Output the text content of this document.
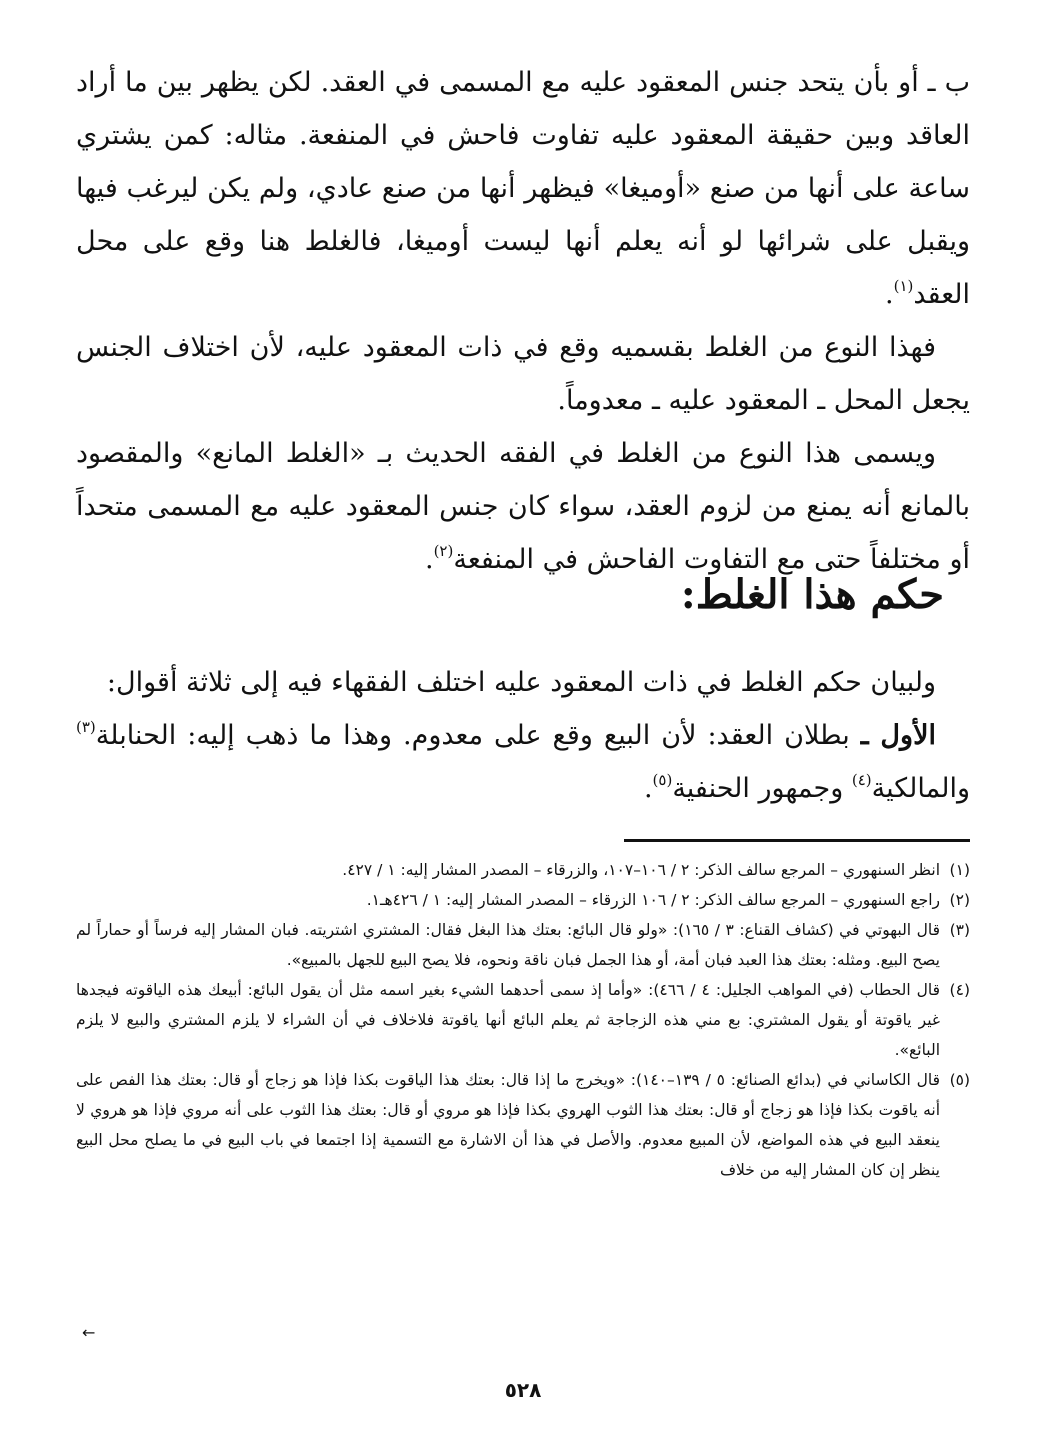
ب ـ أو بأن يتحد جنس المعقود عليه مع المسمى في العقد. لكن يظهر بين ما أراد العاقد وبين حقيقة المعقود عليه تفاوت فاحش في المنفعة. مثاله: كمن يشتري ساعة على أنها من صنع «أوميغا» فيظهر أنها من صنع عادي، ولم يكن ليرغب فيها ويقبل على شرائها لو أنه يعلم أنها ليست أوميغا، فالغلط هنا وقع على محل العقد$^{(١)}$.

فهذا النوع من الغلط بقسميه وقع في ذات المعقود عليه، لأن اختلاف الجنس يجعل المحل ـ المعقود عليه ـ معدوماً.

ويسمى هذا النوع من الغلط في الفقه الحديث بـ «الغلط المانع» والمقصود بالمانع أنه يمنع من لزوم العقد، سواء كان جنس المعقود عليه مع المسمى متحداً أو مختلفاً حتى مع التفاوت الفاحش في المنفعة$^{(٢)}$.

حكم هذا الغلط:

ولبيان حكم الغلط في ذات المعقود عليه اختلف الفقهاء فيه إلى ثلاثة أقوال:

الأول ـ بطلان العقد: لأن البيع وقع على معدوم. وهذا ما ذهب إليه: الحنابلة$^{(٣)}$ والمالكية$^{(٤)}$ وجمهور الحنفية$^{(٥)}$.

(١)انظر السنهوري – المرجع سالف الذكر: ٢ / ١٠٦–١٠٧، والزرقاء – المصدر المشار إليه: ١ / ٤٢٧.

(٢)راجع السنهوري – المرجع سالف الذكر: ٢ / ١٠٦ الزرقاء – المصدر المشار إليه: ١ / ٤٢٦هـ١.

(٣)قال البهوتي في (كشاف القناع: ٣ / ١٦٥): «ولو قال البائع: بعتك هذا البغل فقال: المشتري اشتريته. فبان المشار إليه فرساً أو حماراً لم يصح البيع. ومثله: بعتك هذا العبد فبان أمة، أو هذا الجمل فبان ناقة ونحوه، فلا يصح البيع للجهل بالمبيع».

(٤)قال الحطاب (في المواهب الجليل: ٤ / ٤٦٦): «وأما إذ سمى أحدهما الشيء بغير اسمه مثل أن يقول البائع: أبيعك هذه الياقوته فيجدها غير ياقوتة أو يقول المشتري: بع مني هذه الزجاجة ثم يعلم البائع أنها ياقوتة فلاخلاف في أن الشراء لا يلزم المشتري والبيع لا يلزم البائع».

(٥)قال الكاساني في (بدائع الصنائع: ٥ / ١٣٩–١٤٠): «ويخرج ما إذا قال: بعتك هذا الياقوت بكذا فإذا هو زجاج أو قال: بعتك هذا الفص على أنه ياقوت بكذا فإذا هو زجاج أو قال: بعتك هذا الثوب الهروي بكذا فإذا هو مروي أو قال: بعتك هذا الثوب على أنه مروي فإذا هو هروي لا ينعقد البيع في هذه المواضع، لأن المبيع معدوم. والأصل في هذا أن الاشارة مع التسمية إذا اجتمعا في باب البيع في ما يصلح محل البيع ينظر إن كان المشار إليه من خلاف

←
٥٢٨
